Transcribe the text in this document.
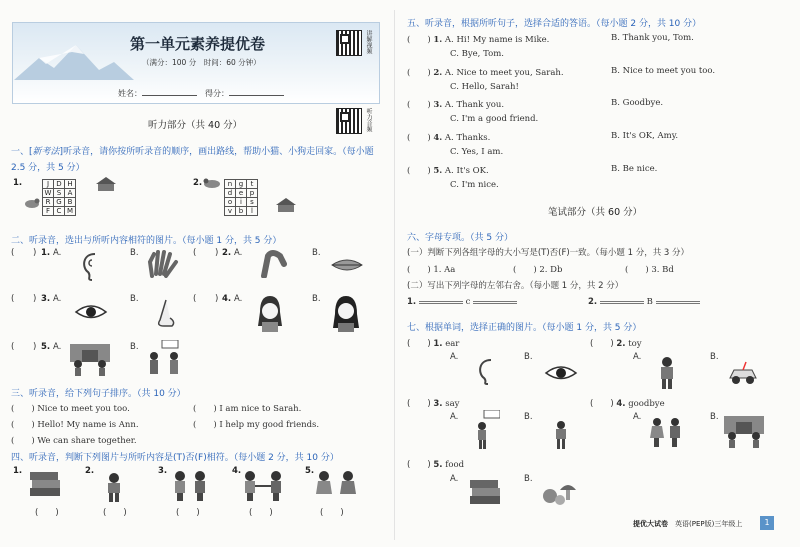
第一单元素养提优卷
（满分：100 分　时间：60 分钟）
讲解视频
姓名：	得分：
听力部分（共 40 分）	听力音频
一、[新考法]听录音，请你按所听录音的顺序，画出路线，帮助小猫、小狗走回家。（每小题
2.5 分，共 5 分）
1.	J	D	H
W	S	A
R	G	B
F	C	M
2.	n	g	t
d	e	p
o	i	s
v	b	l
二、听录音，选出与所听内容相符的图片。（每小题 1 分，共 5 分）
( ) 1. A.	B.	( ) 2. A.	B.
( ) 3. A.	B.	( ) 4. A.	B.
( ) 5. A.	B.
三、听录音，给下列句子排序。（共 10 分）
(　　) Nice to meet you too.	(　　) I am nice to Sarah.
(　　) Hello! My name is Ann.	(　　) I help my good friends.
(　　) We can share together.
四、听录音，判断下列图片与所听内容是(T)否(F)相符。（每小题 2 分，共 10 分）
1.	2.	3.	4.	5.
(　　)	(　　)	(　　)	(　　)	(　　)
五、听录音，根据所听句子，选择合适的答语。（每小题 2 分，共 10 分）
(　　) 1. A. Hi! My name is Mike.	B. Thank you, Tom.
C. Bye, Tom.
(　　) 2. A. Nice to meet you, Sarah.	B. Nice to meet you too.
C. Hello, Sarah!
(　　) 3. A. Thank you.	B. Goodbye.
C. I'm a good friend.
(　　) 4. A. Thanks.	B. It's OK, Amy.
C. Yes, I am.
(　　) 5. A. It's OK.	B. Be nice.
C. I'm nice.
笔试部分（共 60 分）
六、字母专项。（共 5 分）
(一）判断下列各组字母的大小写是(T)否(F)一致。（每小题 1 分，共 3 分）
(　　) 1. Aa	(　　) 2. Db	(　　) 3. Bd
(二）写出下列字母的左邻右舍。（每小题 1 分，共 2 分）
1.	c	2.	B
七、根据单词，选择正确的图片。（每小题 1 分，共 5 分）
(　　) 1. ear
A.	B.
(　　) 2. toy
A.	B.
(　　) 3. say
A.	B.
(　　) 4. goodbye
A.	B.
(　　) 5. food
A.	B.
提优大试卷　 英语(PEP版)三年级上	1
